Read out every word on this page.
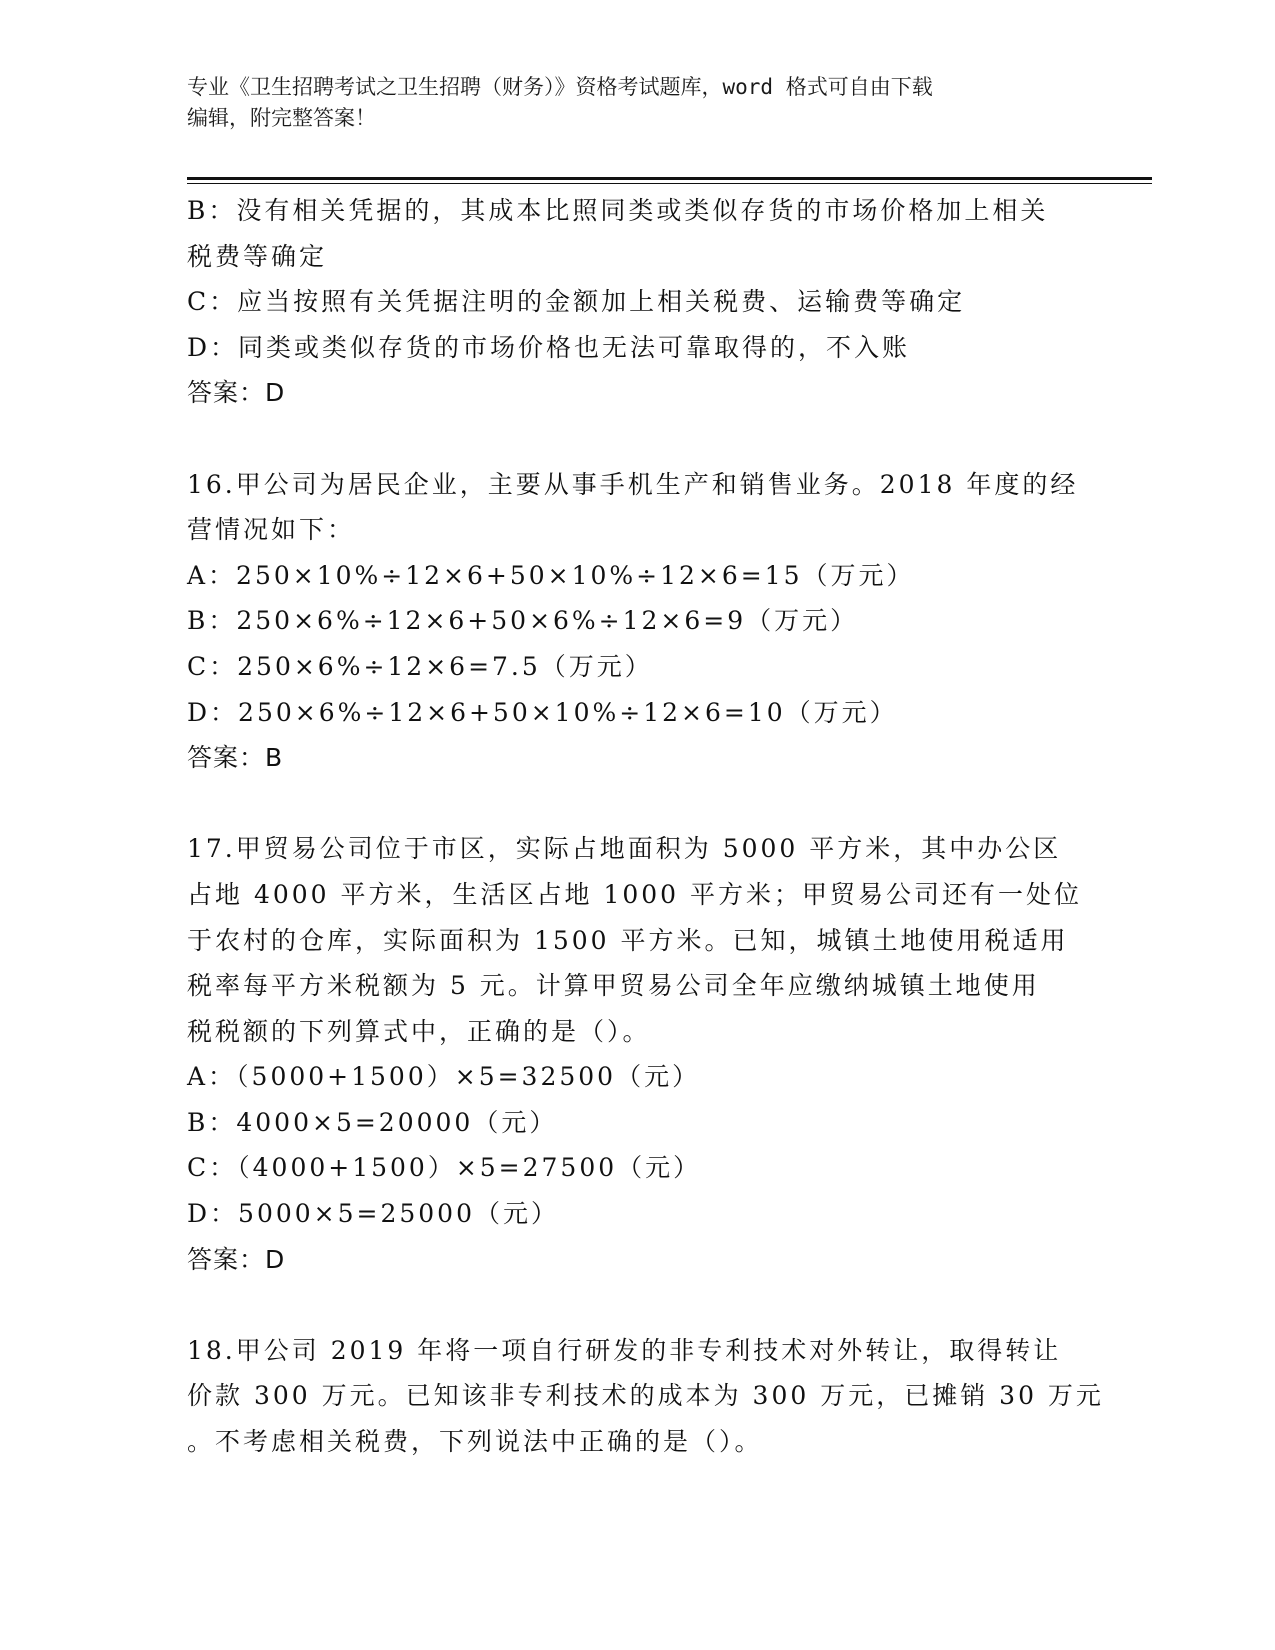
专业《卫生招聘考试之卫生招聘（财务）》资格考试题库，word 格式可自由下载
编辑，附完整答案！

B：没有相关凭据的，其成本比照同类或类似存货的市场价格加上相关

税费等确定

C：应当按照有关凭据注明的金额加上相关税费、运输费等确定

D：同类或类似存货的市场价格也无法可靠取得的，不入账

答案：D

16.甲公司为居民企业，主要从事手机生产和销售业务。2018 年度的经

营情况如下：

A：250×10%÷12×6+50×10%÷12×6=15（万元）

B：250×6%÷12×6+50×6%÷12×6=9（万元）

C：250×6%÷12×6=7.5（万元）

D：250×6%÷12×6+50×10%÷12×6=10（万元）

答案：B

17.甲贸易公司位于市区，实际占地面积为 5000 平方米，其中办公区

占地 4000 平方米，生活区占地 1000 平方米；甲贸易公司还有一处位

于农村的仓库，实际面积为 1500 平方米。已知，城镇土地使用税适用

税率每平方米税额为 5 元。计算甲贸易公司全年应缴纳城镇土地使用

税税额的下列算式中，正确的是（）。

A：（5000+1500）×5=32500（元）

B：4000×5=20000（元）

C：（4000+1500）×5=27500（元）

D：5000×5=25000（元）

答案：D

18.甲公司 2019 年将一项自行研发的非专利技术对外转让，取得转让

价款 300 万元。已知该非专利技术的成本为 300 万元，已摊销 30 万元

。不考虑相关税费，下列说法中正确的是（）。
